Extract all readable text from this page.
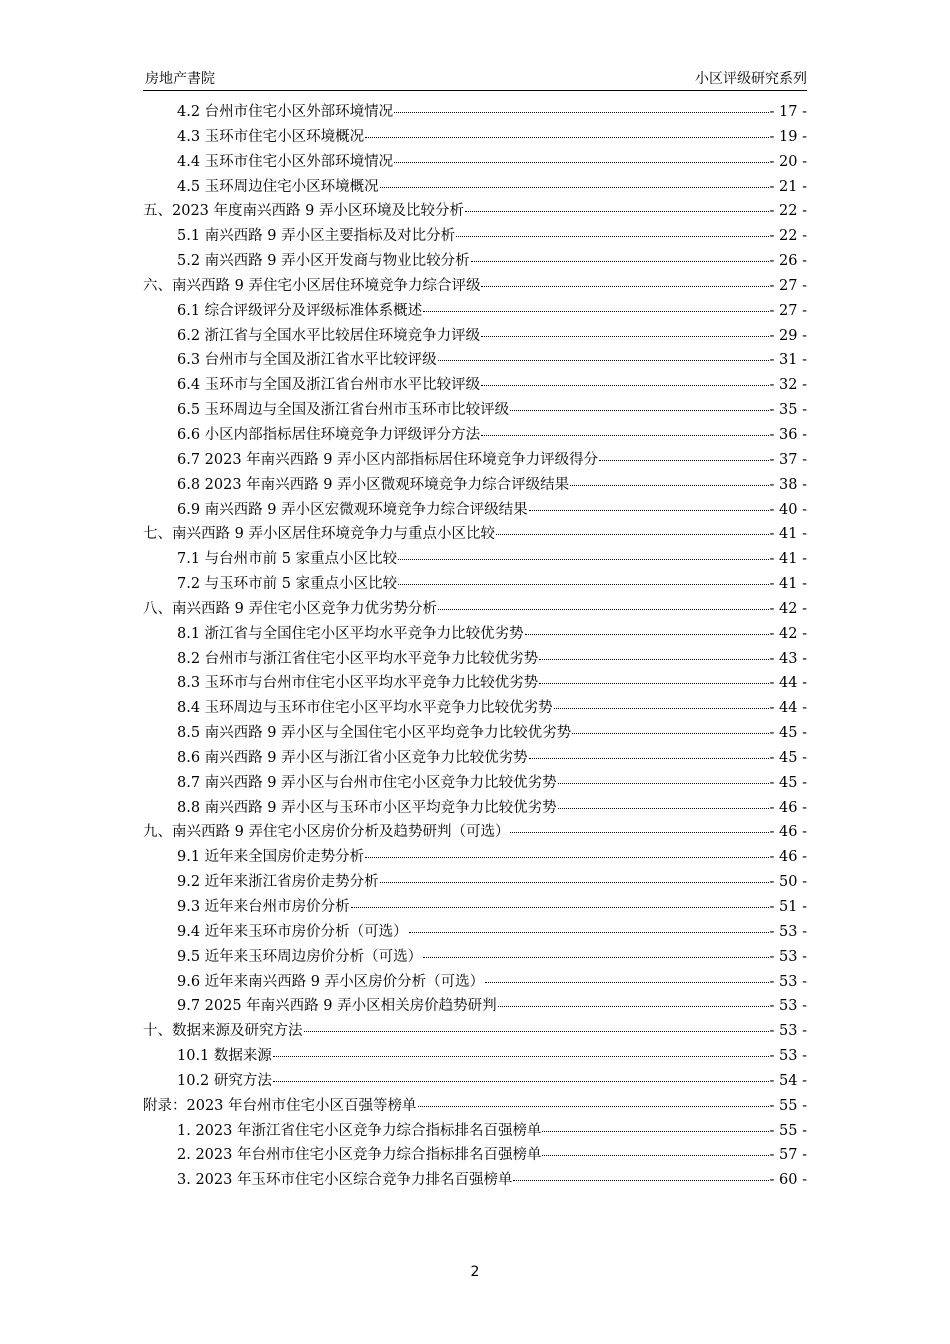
房地产書院	小区评级研究系列
4.2 台州市住宅小区外部环境情况	- 17 -
4.3 玉环市住宅小区环境概况	- 19 -
4.4 玉环市住宅小区外部环境情况	- 20 -
4.5 玉环周边住宅小区环境概况	- 21 -
五、2023 年度南兴西路 9 弄小区环境及比较分析	- 22 -
5.1 南兴西路 9 弄小区主要指标及对比分析	- 22 -
5.2 南兴西路 9 弄小区开发商与物业比较分析	- 26 -
六、南兴西路 9 弄住宅小区居住环境竞争力综合评级	- 27 -
6.1 综合评级评分及评级标准体系概述	- 27 -
6.2 浙江省与全国水平比较居住环境竞争力评级	- 29 -
6.3 台州市与全国及浙江省水平比较评级	- 31 -
6.4 玉环市与全国及浙江省台州市水平比较评级	- 32 -
6.5 玉环周边与全国及浙江省台州市玉环市比较评级	- 35 -
6.6 小区内部指标居住环境竞争力评级评分方法	- 36 -
6.7 2023 年南兴西路 9 弄小区内部指标居住环境竞争力评级得分	- 37 -
6.8 2023 年南兴西路 9 弄小区微观环境竞争力综合评级结果	- 38 -
6.9 南兴西路 9 弄小区宏微观环境竞争力综合评级结果	- 40 -
七、南兴西路 9 弄小区居住环境竞争力与重点小区比较	- 41 -
7.1 与台州市前 5 家重点小区比较	- 41 -
7.2 与玉环市前 5 家重点小区比较	- 41 -
八、南兴西路 9 弄住宅小区竞争力优劣势分析	- 42 -
8.1 浙江省与全国住宅小区平均水平竞争力比较优劣势	- 42 -
8.2 台州市与浙江省住宅小区平均水平竞争力比较优劣势	- 43 -
8.3 玉环市与台州市住宅小区平均水平竞争力比较优劣势	- 44 -
8.4 玉环周边与玉环市住宅小区平均水平竞争力比较优劣势	- 44 -
8.5 南兴西路 9 弄小区与全国住宅小区平均竞争力比较优劣势	- 45 -
8.6 南兴西路 9 弄小区与浙江省小区竞争力比较优劣势	- 45 -
8.7 南兴西路 9 弄小区与台州市住宅小区竞争力比较优劣势	- 45 -
8.8 南兴西路 9 弄小区与玉环市小区平均竞争力比较优劣势	- 46 -
九、南兴西路 9 弄住宅小区房价分析及趋势研判（可选）	- 46 -
9.1 近年来全国房价走势分析	- 46 -
9.2 近年来浙江省房价走势分析	- 50 -
9.3 近年来台州市房价分析	- 51 -
9.4 近年来玉环市房价分析（可选）	- 53 -
9.5 近年来玉环周边房价分析（可选）	- 53 -
9.6 近年来南兴西路 9 弄小区房价分析（可选）	- 53 -
9.7 2025 年南兴西路 9 弄小区相关房价趋势研判	- 53 -
十、数据来源及研究方法	- 53 -
10.1 数据来源	- 53 -
10.2 研究方法	- 54 -
附录：2023 年台州市住宅小区百强等榜单	- 55 -
1. 2023 年浙江省住宅小区竞争力综合指标排名百强榜单	- 55 -
2. 2023 年台州市住宅小区竞争力综合指标排名百强榜单	- 57 -
3. 2023 年玉环市住宅小区综合竞争力排名百强榜单	- 60 -
2
